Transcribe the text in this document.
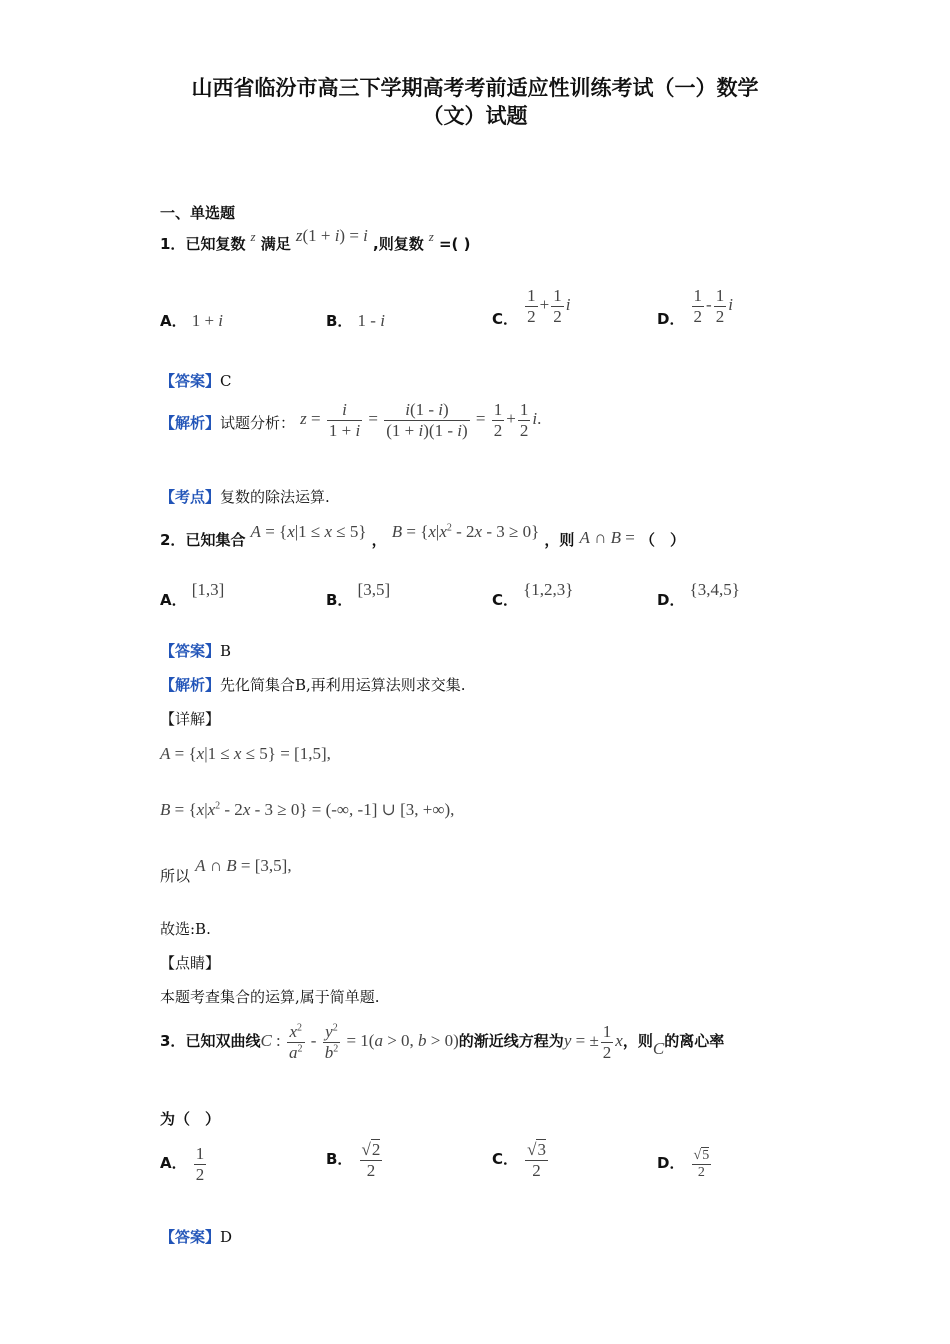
山西省临汾市高三下学期高考考前适应性训练考试（一）数学
（文）试题
一、单选题
1．已知复数 $^z$ 满足 z(1 + i) = i ,则复数 $^z$ =( )
A． 1 + i	B． 1 - i	C． $\frac{1}{2} + \frac{1}{2}$ i
D． $\frac{1}{2} - \frac{1}{2}$ i
【答案】C
【解析】试题分析： $z = \frac{i}{1 + i} = \frac{i(1 - i)}{(1 + i)(1 - i)} = \frac{1}{2} + \frac{1}{2} i$.
【考点】复数的除法运算.
2．已知集合 A = {x|1 ≤ x ≤ 5} ， $B = \{x|x^2 - 2x - 3 \ge 0\}$ ，则 A ∩ B = （　）
A． [1,3]
B． [3,5]
C． {1,2,3}
D． {3,4,5}
【答案】B
【解析】先化简集合B,再利用运算法则求交集.
【详解】
A = {x|1 ≤ x ≤ 5} = [1,5],
$B = \{x|x^2 - 2x - 3 \ge 0\}$ = (-∞, -1] ∪ [3, +∞),
所以 A ∩ B = [3,5],
故选:B.
【点睛】
本题考查集合的运算,属于简单题.
3．已知双曲线C : $\frac{x^2}{a^2} - \frac{y^2}{b^2} = 1(a > 0$, b > 0)的渐近线方程为y = ± $\frac{1}{2}$ x，则C的离心率
为（　）
A． $\frac{1}{2}$	B． $\frac{√2}{2}$	C． $\frac{√3}{2}$	D． $\frac{√5}{2}$
【答案】D
